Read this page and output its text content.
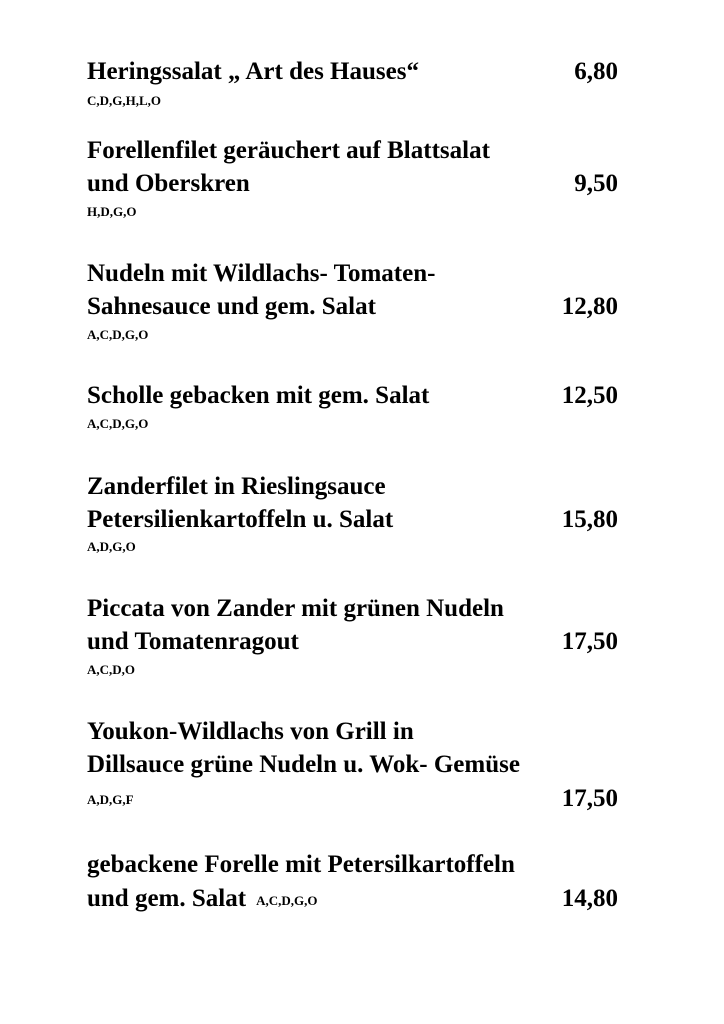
Heringssalat „ Art des Hauses“	6,80
C,D,G,H,L,O
Forellenfilet geräuchert auf Blattsalat
und Oberskren	9,50
H,D,G,O
Nudeln mit Wildlachs- Tomaten-
Sahnesauce und gem. Salat	12,80
A,C,D,G,O
Scholle gebacken mit gem. Salat	12,50
A,C,D,G,O
Zanderfilet in Rieslingsauce
Petersilienkartoffeln u. Salat	15,80
A,D,G,O
Piccata von Zander mit grünen Nudeln
und Tomatenragout	17,50
A,C,D,O
Youkon-Wildlachs von Grill in
Dillsauce grüne Nudeln u. Wok- Gemüse
A,D,G,F	17,50
gebackene Forelle mit Petersilkartoffeln
und gem. Salat A,C,D,G,O	14,80
